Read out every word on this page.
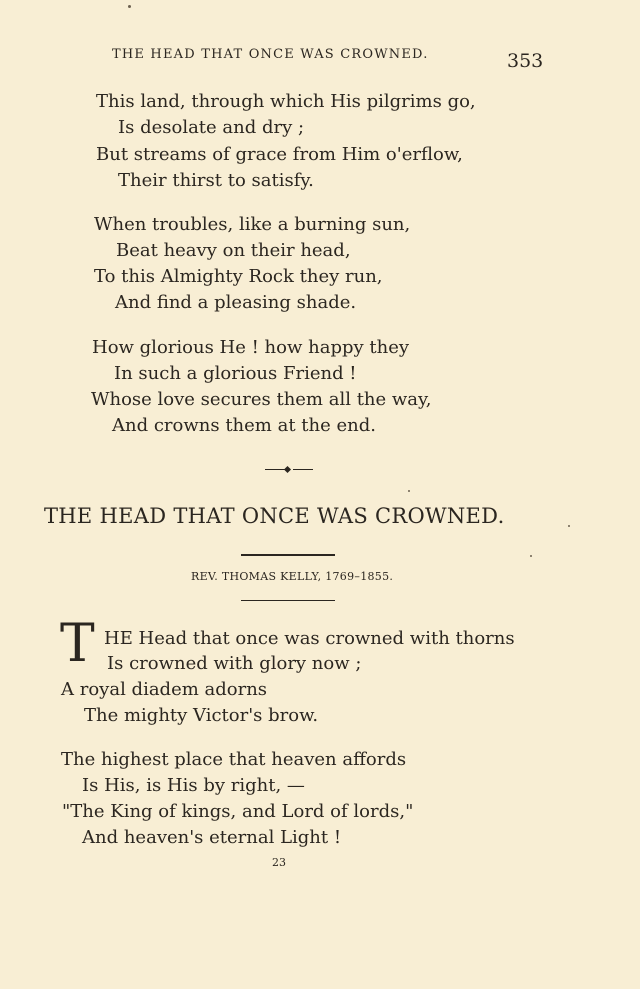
THE HEAD THAT ONCE WAS CROWNED.	353
This land, through which His pilgrims go,
Is desolate and dry ;
But streams of grace from Him o'erflow,
Their thirst to satisfy.
When troubles, like a burning sun,
Beat heavy on their head,
To this Almighty Rock they run,
And find a pleasing shade.
How glorious He ! how happy they
In such a glorious Friend !
Whose love secures them all the way,
And crowns them at the end.
THE HEAD THAT ONCE WAS CROWNED.
REV. THOMAS KELLY, 1769–1855.
T HE Head that once was crowned with thorns
Is crowned with glory now ;
A royal diadem adorns
The mighty Victor's brow.
The highest place that heaven affords
Is His, is His by right, —
"The King of kings, and Lord of lords,"
And heaven's eternal Light !
23
